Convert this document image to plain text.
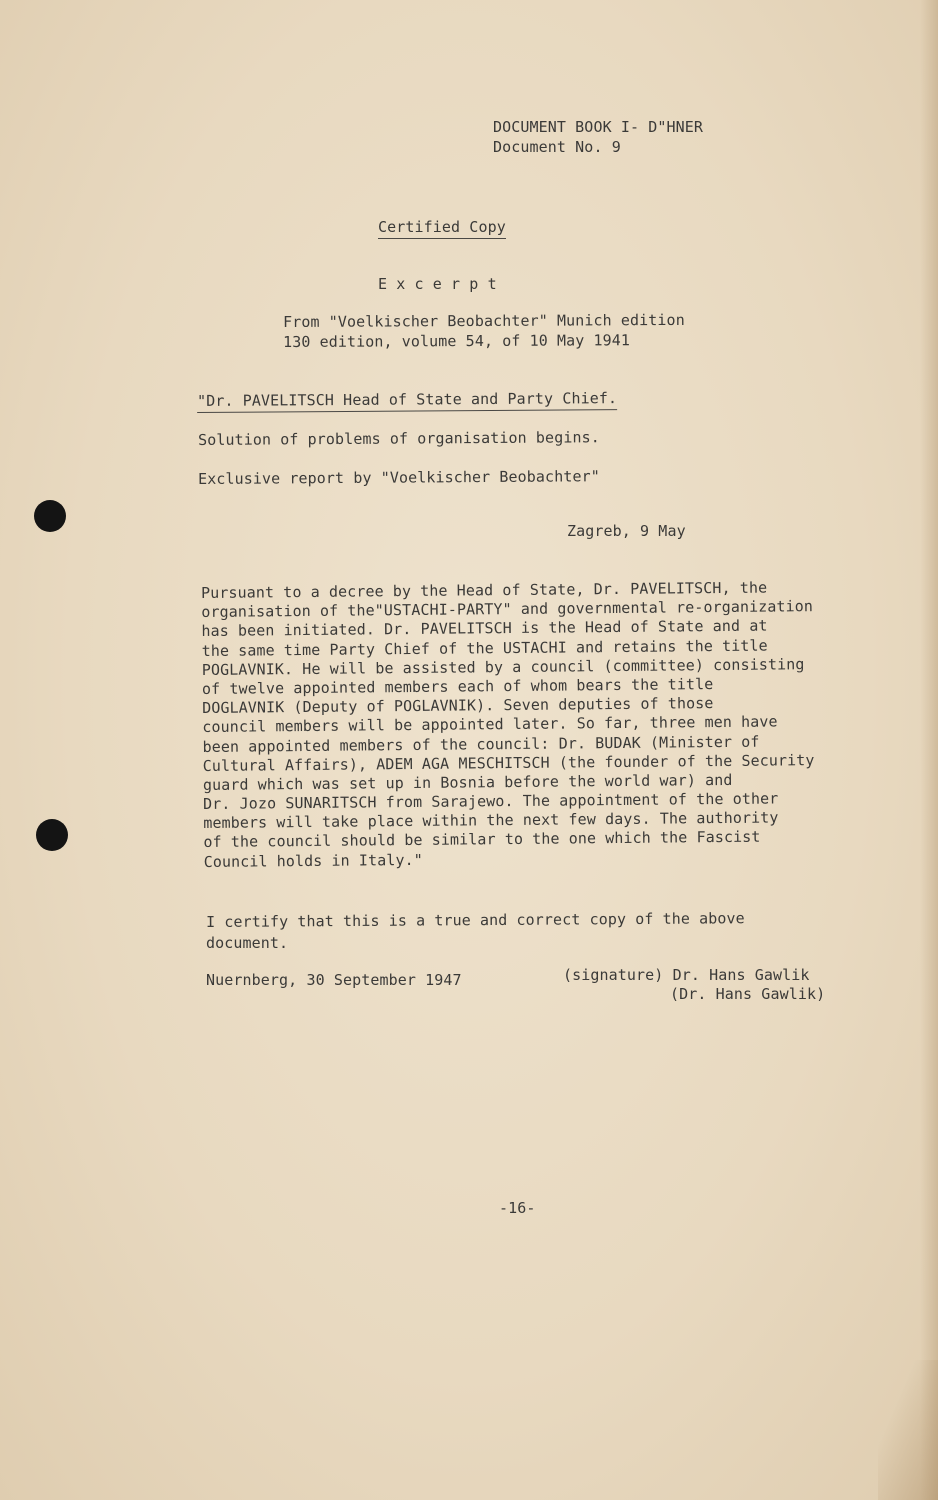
DOCUMENT BOOK I- D"HNER
Document No. 9
Certified Copy
E x c e r p t
From "Voelkischer Beobachter" Munich edition
130 edition, volume 54, of 10 May 1941
"Dr. PAVELITSCH Head of State and Party Chief.
Solution of problems of organisation begins.
Exclusive report by "Voelkischer Beobachter"
Zagreb, 9 May
Pursuant to a decree by the Head of State, Dr. PAVELITSCH, the
organisation of the"USTACHI-PARTY" and governmental re-organization
has been initiated. Dr. PAVELITSCH is the Head of State and at
the same time Party Chief of the USTACHI and retains the title
POGLAVNIK. He will be assisted by a council (committee) consisting
of twelve appointed members each of whom bears the title
DOGLAVNIK (Deputy of POGLAVNIK). Seven deputies of those
council members will be appointed later. So far, three men have
been appointed members of the council: Dr. BUDAK (Minister of
Cultural Affairs), ADEM AGA MESCHITSCH (the founder of the Security
guard which was set up in Bosnia before the world war) and
Dr. Jozo SUNARITSCH from Sarajewo. The appointment of the other
members will take place within the next few days. The authority
of the council should be similar to the one which the Fascist
Council holds in Italy."
I certify that this is a true and correct copy of the above
document.
Nuernberg, 30 September 1947	(signature) Dr. Hans Gawlik
(Dr. Hans Gawlik)
-16-
